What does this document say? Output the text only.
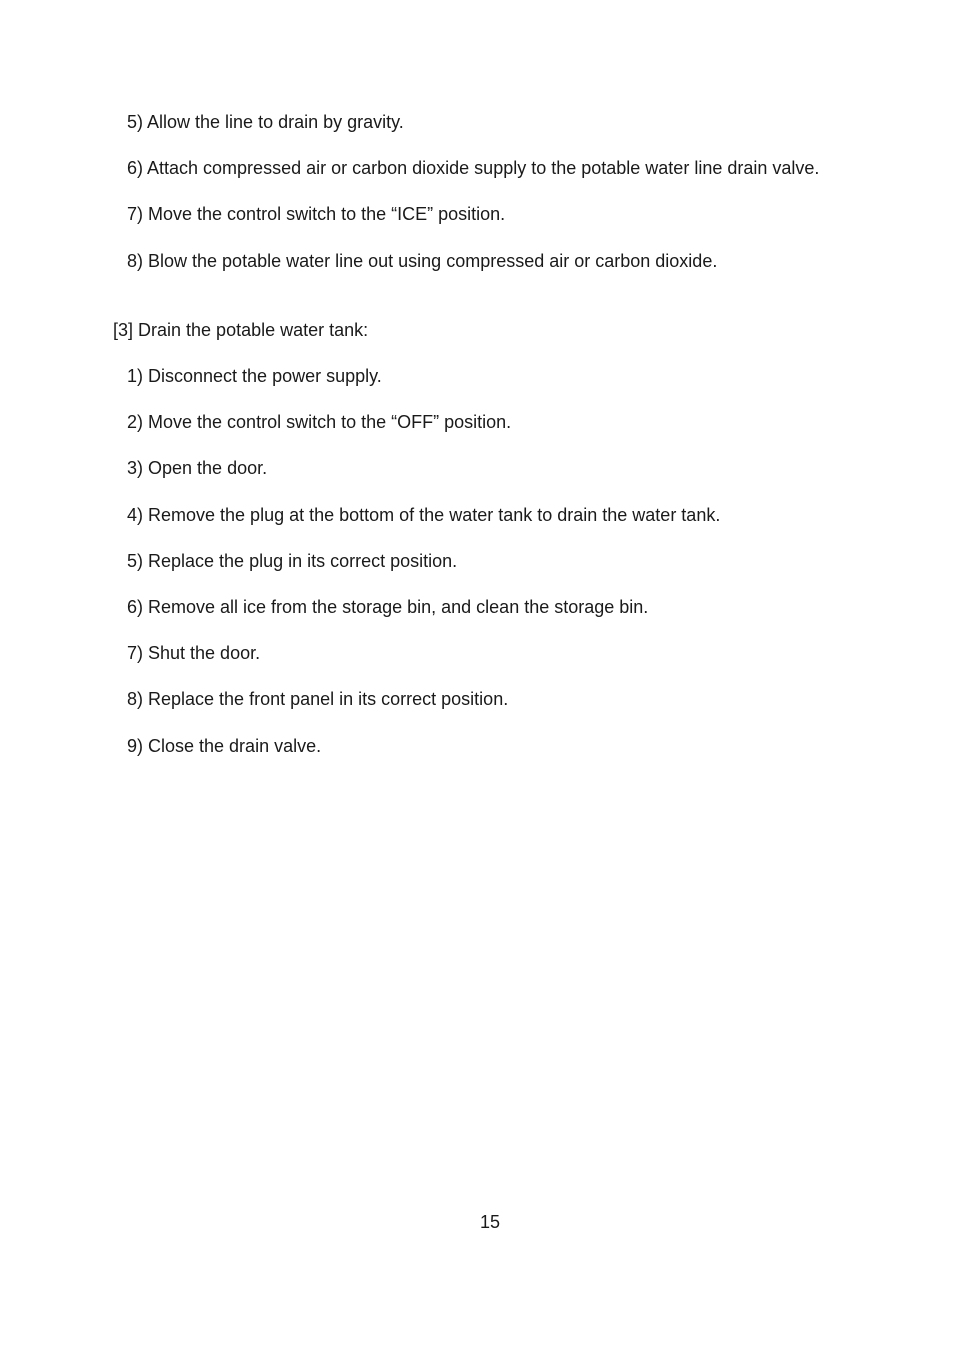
5) Allow the line to drain by gravity.
6) Attach compressed air or carbon dioxide supply to the potable water line drain valve.
7) Move the control switch to the “ICE” position.
8) Blow the potable water line out using compressed air or carbon dioxide.
[3] Drain the potable water tank:
1) Disconnect the power supply.
2) Move the control switch to the “OFF” position.
3) Open the door.
4) Remove the plug at the bottom of the water tank to drain the water tank.
5) Replace the plug in its correct position.
6) Remove all ice from the storage bin, and clean the storage bin.
7) Shut the door.
8) Replace the front panel in its correct position.
9) Close the drain valve.
15
